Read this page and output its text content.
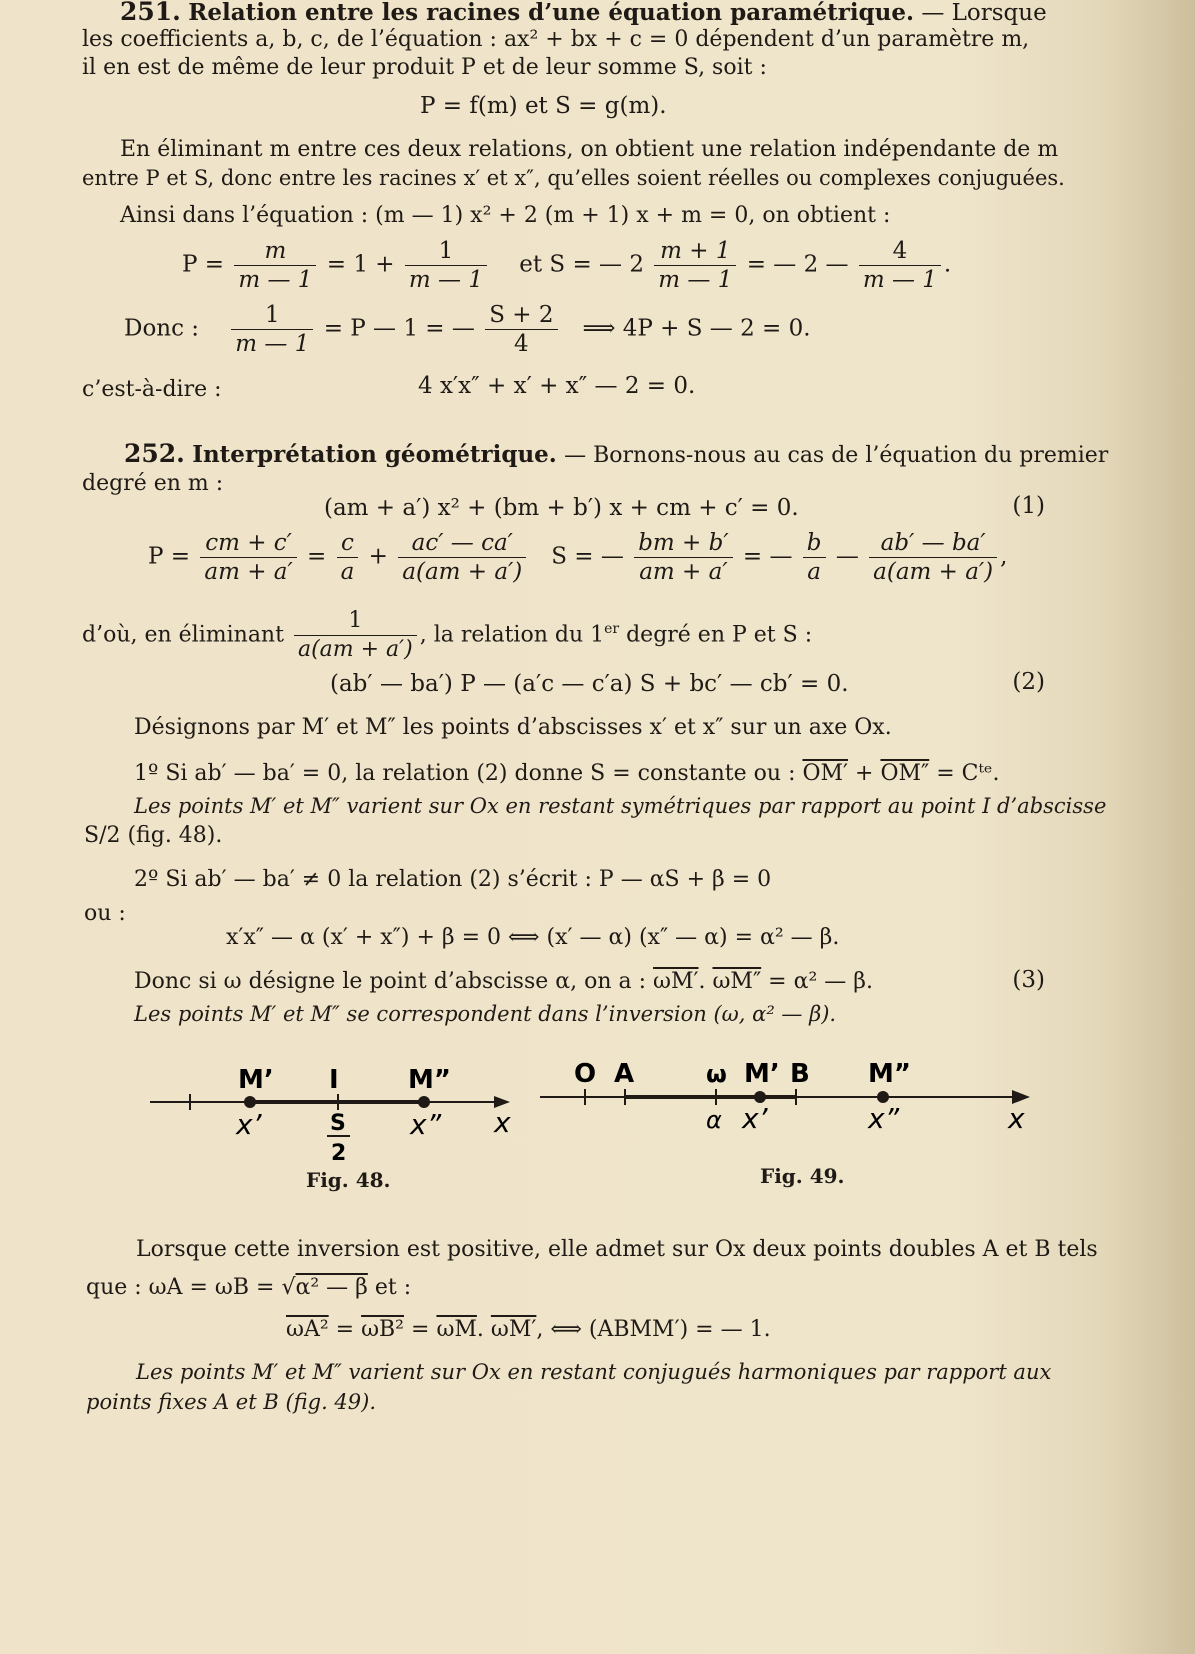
251. Relation entre les racines d’une équation paramétrique. — Lorsque
les coefficients a, b, c, de l’équation : ax² + bx + c = 0 dépendent d’un paramètre m,
il en est de même de leur produit P et de leur somme S, soit :
P = f(m) et S = g(m).
En éliminant m entre ces deux relations, on obtient une relation indépendante de m
entre P et S, donc entre les racines x′ et x″, qu’elles soient réelles ou complexes conjuguées.
Ainsi dans l’équation : (m — 1) x² + 2 (m + 1) x + m = 0, on obtient :
$P = \frac{m}{m — 1} = 1 + \frac{1}{m — 1}$ et S = — $2 \frac{m + 1}{m — 1}$ = — 2 — $\frac{4}{m — 1}$ .
Donc : $\frac{1}{m — 1} = P$ — 1 = — $\frac{S + 2}{4}$ ⟹ 4P + S — 2 = 0.
c’est-à-dire :	4 x′x″ + x′ + x″ — 2 = 0.
252. Interprétation géométrique. — Bornons-nous au cas de l’équation du premier
degré en m :
(am + a′) x² + (bm + b′) x + cm + c′ = 0.	(1)
$P = \frac{cm + c'}{am + a'} = \frac{c}{a} + \frac{ac' — ca'}{a(am + a')}$ S = — $\frac{bm + b'}{am + a'}$ = — $\frac{b}{a}$ — $\frac{ab' — ba'}{a(am + a')}$ ,
d’où, en éliminant $\frac{1}{a(am + a')}$ , la relation du 1er degré en P et S :
(ab′ — ba′) P — (a′c — c′a) S + bc′ — cb′ = 0.	(2)
Désignons par M′ et M″ les points d’abscisses x′ et x″ sur un axe Ox.
1º Si ab′ — ba′ = 0, la relation (2) donne S = constante ou : OM′ + OM″ = Cᵗᵉ.
Les points M′ et M″ varient sur Ox en restant symétriques par rapport au point I d’abscisse
S/2 (fig. 48).
2º Si ab′ — ba′ ≠ 0 la relation (2) s’écrit : P — αS + β = 0
ou :
x′x″ — α (x′ + x″) + β = 0 ⟺ (x′ — α) (x″ — α) = α² — β.
Donc si ω désigne le point d’abscisse α, on a : ωM′. ωM″ = α² — β.	(3)
Les points M′ et M″ se correspondent dans l’inversion (ω, α² — β).
M’ I	M”
x’	S
2
x” x
O A	ω M’ B M”
α x’	x”	x
Fig. 48.	Fig. 49.
Lorsque cette inversion est positive, elle admet sur Ox deux points doubles A et B tels
que : ωA = ωB = √α² — β et :
$\omega A^2 = \omega B^2 = \overline{\omega M}$. ωM′, ⟺ (ABMM′) = — 1.
Les points M′ et M″ varient sur Ox en restant conjugués harmoniques par rapport aux
points fixes A et B (fig. 49).
